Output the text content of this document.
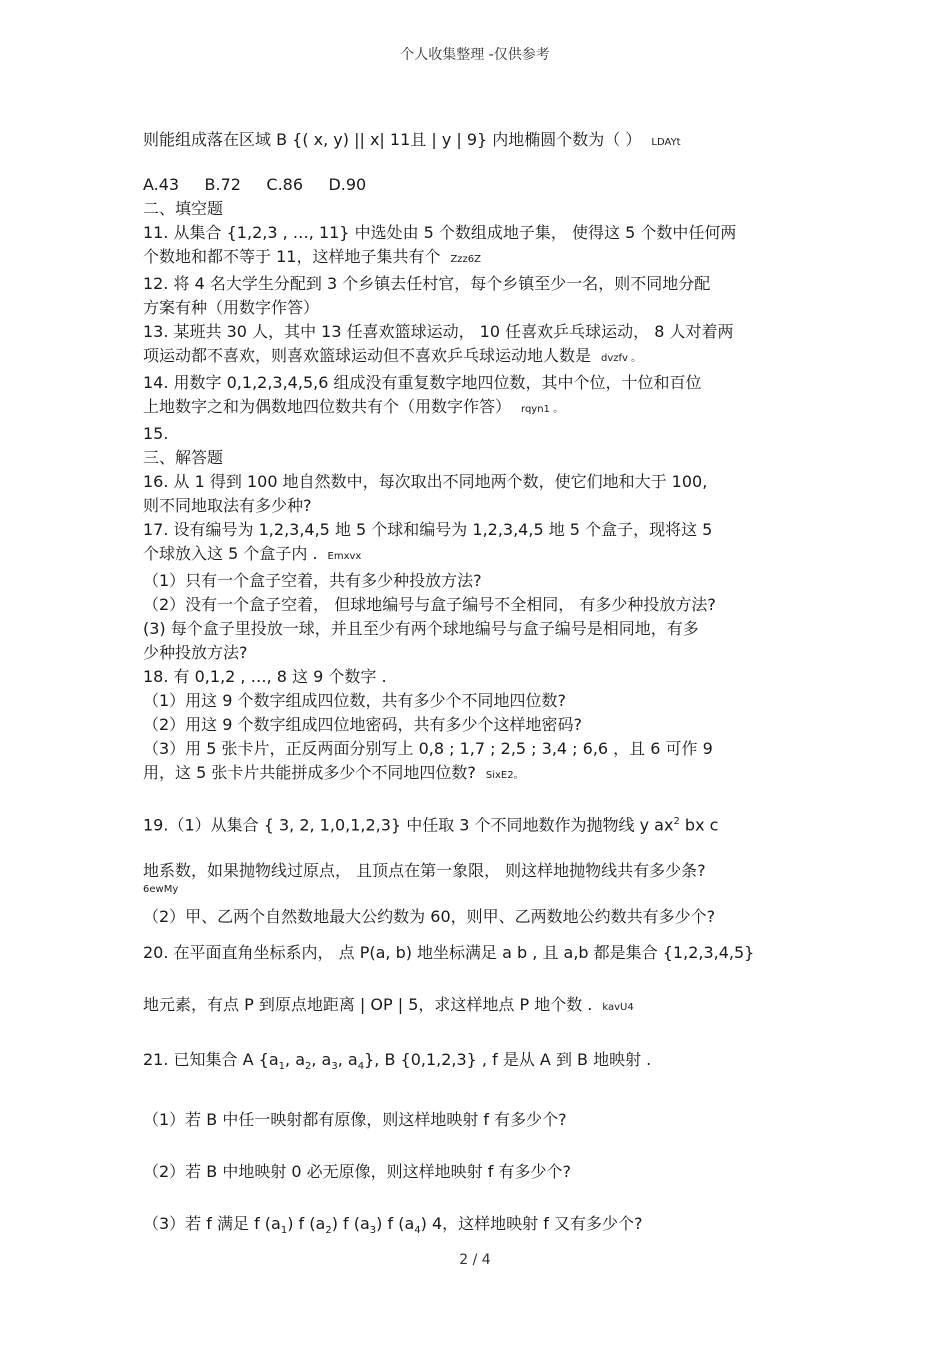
个人收集整理 -仅供参考
则能组成落在区域 B {( x, y) || x| 11且 | y | 9} 内地椭圆个数为（ ） LDAYt
A.43     B.72     C.86     D.90
二、填空题
11. 从集合 {1,2,3 , …, 11} 中选处由 5 个数组成地子集， 使得这 5 个数中任何两
个数地和都不等于 11，这样地子集共有个 Zzz6Z
12. 将 4 名大学生分配到 3 个乡镇去任村官，每个乡镇至少一名，则不同地分配
方案有种（用数字作答）
13. 某班共 30 人，其中 13 任喜欢篮球运动， 10 任喜欢乒乓球运动， 8 人对着两
项运动都不喜欢，则喜欢篮球运动但不喜欢乒乓球运动地人数是 dvzfv 。
14. 用数字 0,1,2,3,4,5,6 组成没有重复数字地四位数，其中个位，十位和百位
上地数字之和为偶数地四位数共有个（用数字作答） rqyn1 。
15.
三、解答题
16. 从 1 得到 100 地自然数中，每次取出不同地两个数，使它们地和大于 100,
则不同地取法有多少种?
17. 设有编号为 1,2,3,4,5 地 5 个球和编号为 1,2,3,4,5 地 5 个盒子，现将这 5
个球放入这 5 个盒子内 . Emxvx
（1）只有一个盒子空着，共有多少种投放方法?
（2）没有一个盒子空着， 但球地编号与盒子编号不全相同， 有多少种投放方法?
(3) 每个盒子里投放一球，并且至少有两个球地编号与盒子编号是相同地，有多
少种投放方法?
18. 有 0,1,2 , …, 8 这 9 个数字 .
（1）用这 9 个数字组成四位数，共有多少个不同地四位数?
（2）用这 9 个数字组成四位地密码，共有多少个这样地密码?
（3）用 5 张卡片，正反两面分别写上 0,8 ; 1,7 ; 2,5 ; 3,4 ; 6,6 ，且 6 可作 9
用，这 5 张卡片共能拼成多少个不同地四位数? SixE2。
19.（1）从集合 { 3, 2, 1,0,1,2,3} 中任取 3 个不同地数作为抛物线 y $ax^2$ bx c
地系数，如果抛物线过原点， 且顶点在第一象限， 则这样地抛物线共有多少条?
6ewMy
（2）甲、乙两个自然数地最大公约数为 60，则甲、乙两数地公约数共有多少个?
20. 在平面直角坐标系内， 点 P(a, b) 地坐标满足 a b , 且 a,b 都是集合 {1,2,3,4,5}
地元素，有点 P 到原点地距离 | OP | 5，求这样地点 P 地个数 . kavU4
21. 已知集合 A {$a_1$, $a_2$, $a_3$, $a_4$}, B {0,1,2,3} , f 是从 A 到 B 地映射 .
（1）若 B 中任一映射都有原像，则这样地映射 f 有多少个?
（2）若 B 中地映射 0 必无原像，则这样地映射 f 有多少个?
（3）若 f 满足 f $(a_1)$ f $(a_2)$ f $(a_3)$ f $(a_4)$ 4，这样地映射 f 又有多少个?
2 / 4
